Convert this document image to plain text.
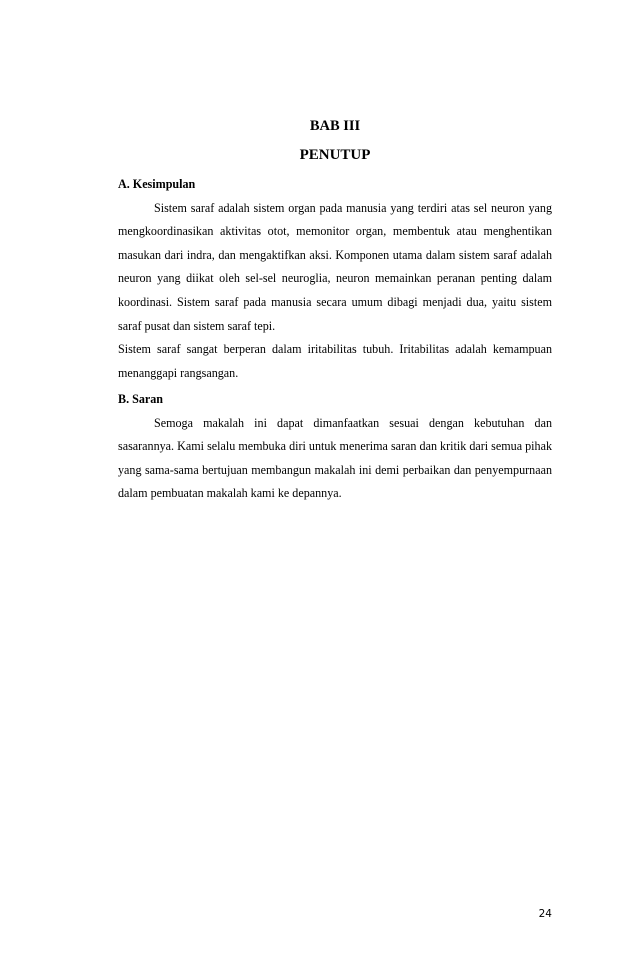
BAB III
PENUTUP

A. Kesimpulan

Sistem saraf adalah sistem organ pada manusia yang terdiri atas sel neuron yang mengkoordinasikan aktivitas otot, memonitor organ, membentuk atau menghentikan masukan dari indra, dan mengaktifkan aksi. Komponen utama dalam sistem saraf adalah neuron yang diikat oleh sel-sel neuroglia, neuron memainkan peranan penting dalam koordinasi. Sistem saraf pada manusia secara umum dibagi menjadi dua, yaitu sistem saraf pusat dan sistem saraf tepi.

Sistem saraf sangat berperan dalam iritabilitas tubuh. Iritabilitas adalah kemampuan menanggapi rangsangan.

B. Saran

Semoga makalah ini dapat dimanfaatkan sesuai dengan kebutuhan dan sasarannya. Kami selalu membuka diri untuk menerima saran dan kritik dari semua pihak yang sama-sama bertujuan membangun makalah ini demi perbaikan dan penyempurnaan dalam pembuatan makalah kami ke depannya.

24
